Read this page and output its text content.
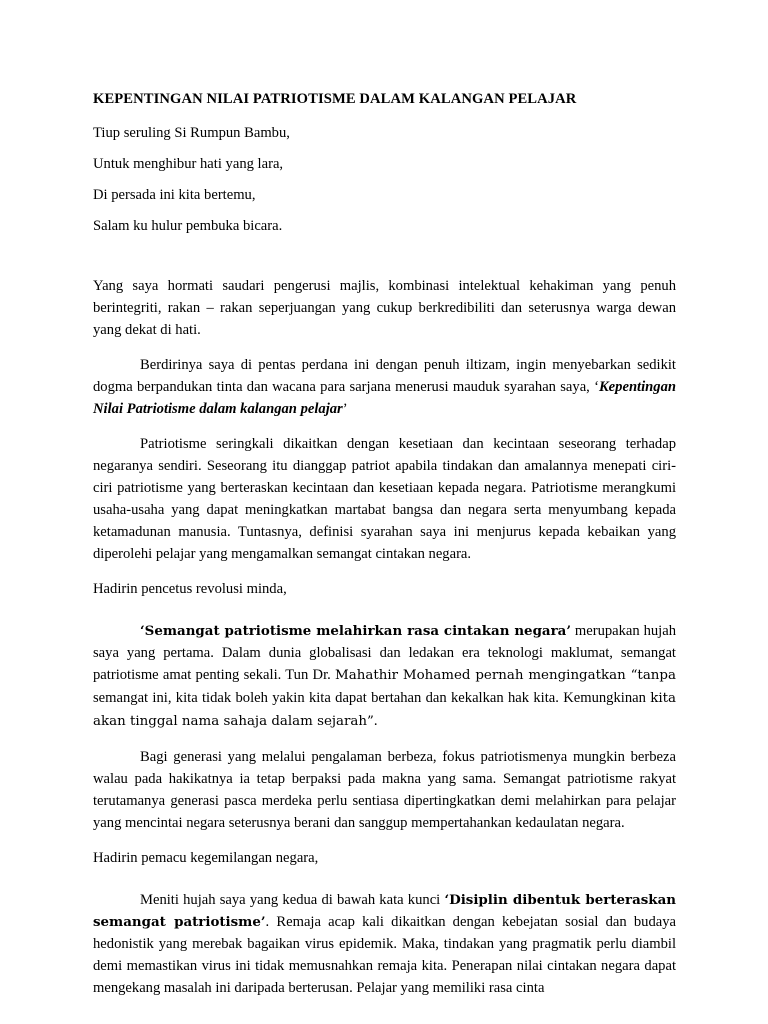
KEPENTINGAN NILAI PATRIOTISME DALAM KALANGAN PELAJAR
Tiup seruling Si Rumpun Bambu,
Untuk menghibur hati yang lara,
Di persada ini kita bertemu,
Salam ku hulur pembuka bicara.

Yang saya hormati saudari pengerusi majlis, kombinasi intelektual kehakiman yang penuh berintegriti, rakan – rakan seperjuangan yang cukup berkredibiliti dan seterusnya warga dewan yang dekat di hati.

Berdirinya saya di pentas perdana ini dengan penuh iltizam, ingin menyebarkan sedikit dogma berpandukan tinta dan wacana para sarjana menerusi mauduk syarahan saya, ‘Kepentingan Nilai Patriotisme dalam kalangan pelajar’

Patriotisme seringkali dikaitkan dengan kesetiaan dan kecintaan seseorang terhadap negaranya sendiri. Seseorang itu dianggap patriot apabila tindakan dan amalannya menepati ciri-ciri patriotisme yang berteraskan kecintaan dan kesetiaan kepada negara. Patriotisme merangkumi usaha-usaha yang dapat meningkatkan martabat bangsa dan negara serta menyumbang kepada ketamadunan manusia. Tuntasnya, definisi syarahan saya ini menjurus kepada kebaikan yang diperolehi pelajar yang mengamalkan semangat cintakan negara.

Hadirin pencetus revolusi minda,

‘Semangat patriotisme melahirkan rasa cintakan negara’ merupakan hujah saya yang pertama. Dalam dunia globalisasi dan ledakan era teknologi maklumat, semangat patriotisme amat penting sekali. Tun Dr. Mahathir Mohamed pernah mengingatkan “tanpa semangat ini, kita tidak boleh yakin kita dapat bertahan dan kekalkan hak kita. Kemungkinan kita akan tinggal nama sahaja dalam sejarah”.

Bagi generasi yang melalui pengalaman berbeza, fokus patriotismenya mungkin berbeza walau pada hakikatnya ia tetap berpaksi pada makna yang sama. Semangat patriotisme rakyat terutamanya generasi pasca merdeka perlu sentiasa dipertingkatkan demi melahirkan para pelajar yang mencintai negara seterusnya berani dan sanggup mempertahankan kedaulatan negara.

Hadirin pemacu kegemilangan negara,

Meniti hujah saya yang kedua di bawah kata kunci ‘Disiplin dibentuk berteraskan semangat patriotisme’. Remaja acap kali dikaitkan dengan kebejatan sosial dan budaya hedonistik yang merebak bagaikan virus epidemik. Maka, tindakan yang pragmatik perlu diambil demi memastikan virus ini tidak memusnahkan remaja kita. Penerapan nilai cintakan negara dapat mengekang masalah ini daripada berterusan. Pelajar yang memiliki rasa cinta
